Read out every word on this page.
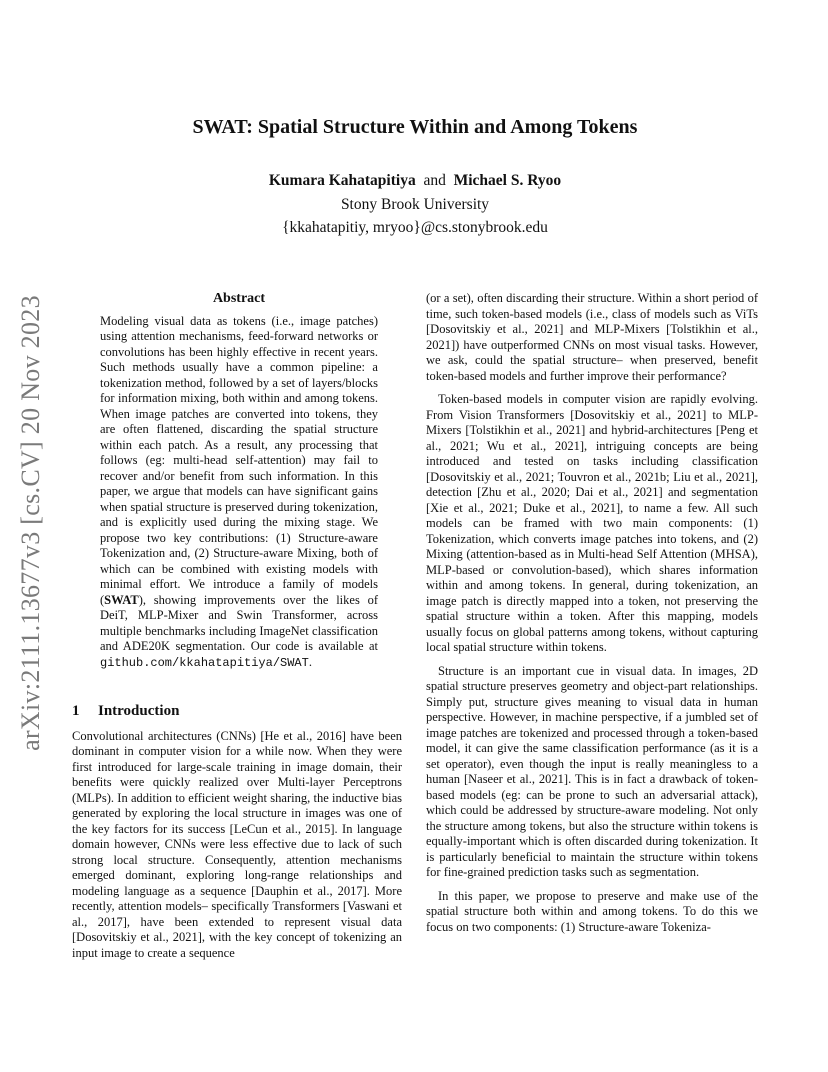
arXiv:2111.13677v3 [cs.CV] 20 Nov 2023
SWAT: Spatial Structure Within and Among Tokens
Kumara Kahatapitiya and Michael S. Ryoo
Stony Brook University
{kkahatapitiy, mryoo}@cs.stonybrook.edu
Abstract

Modeling visual data as tokens (i.e., image patches) using attention mechanisms, feed-forward networks or convolutions has been highly effective in recent years. Such methods usually have a common pipeline: a tokenization method, followed by a set of layers/blocks for information mixing, both within and among tokens. When image patches are converted into tokens, they are often flattened, discarding the spatial structure within each patch. As a result, any processing that follows (eg: multi-head self-attention) may fail to recover and/or benefit from such information. In this paper, we argue that models can have significant gains when spatial structure is preserved during tokenization, and is explicitly used during the mixing stage. We propose two key contributions: (1) Structure-aware Tokenization and, (2) Structure-aware Mixing, both of which can be combined with existing models with minimal effort. We introduce a family of models (SWAT), showing improvements over the likes of DeiT, MLP-Mixer and Swin Transformer, across multiple benchmarks including ImageNet classification and ADE20K segmentation. Our code is available at github.com/kkahatapitiya/SWAT.

1 Introduction

Convolutional architectures (CNNs) [He et al., 2016] have been dominant in computer vision for a while now. When they were first introduced for large-scale training in image domain, their benefits were quickly realized over Multi-layer Perceptrons (MLPs). In addition to efficient weight sharing, the inductive bias generated by exploring the local structure in images was one of the key factors for its success [LeCun et al., 2015]. In language domain however, CNNs were less effective due to lack of such strong local structure. Consequently, attention mechanisms emerged dominant, exploring long-range relationships and modeling language as a sequence [Dauphin et al., 2017]. More recently, attention models– specifically Transformers [Vaswani et al., 2017], have been extended to represent visual data [Dosovitskiy et al., 2021], with the key concept of tokenizing an input image to create a sequence

(or a set), often discarding their structure. Within a short period of time, such token-based models (i.e., class of models such as ViTs [Dosovitskiy et al., 2021] and MLP-Mixers [Tolstikhin et al., 2021]) have outperformed CNNs on most visual tasks. However, we ask, could the spatial structure– when preserved, benefit token-based models and further improve their performance?

Token-based models in computer vision are rapidly evolving. From Vision Transformers [Dosovitskiy et al., 2021] to MLP-Mixers [Tolstikhin et al., 2021] and hybrid-architectures [Peng et al., 2021; Wu et al., 2021], intriguing concepts are being introduced and tested on tasks including classification [Dosovitskiy et al., 2021; Touvron et al., 2021b; Liu et al., 2021], detection [Zhu et al., 2020; Dai et al., 2021] and segmentation [Xie et al., 2021; Duke et al., 2021], to name a few. All such models can be framed with two main components: (1) Tokenization, which converts image patches into tokens, and (2) Mixing (attention-based as in Multi-head Self Attention (MHSA), MLP-based or convolution-based), which shares information within and among tokens. In general, during tokenization, an image patch is directly mapped into a token, not preserving the spatial structure within a token. After this mapping, models usually focus on global patterns among tokens, without capturing local spatial structure within tokens.

Structure is an important cue in visual data. In images, 2D spatial structure preserves geometry and object-part relationships. Simply put, structure gives meaning to visual data in human perspective. However, in machine perspective, if a jumbled set of image patches are tokenized and processed through a token-based model, it can give the same classification performance (as it is a set operator), even though the input is really meaningless to a human [Naseer et al., 2021]. This is in fact a drawback of token-based models (eg: can be prone to such an adversarial attack), which could be addressed by structure-aware modeling. Not only the structure among tokens, but also the structure within tokens is equally-important which is often discarded during tokenization. It is particularly beneficial to maintain the structure within tokens for fine-grained prediction tasks such as segmentation.

In this paper, we propose to preserve and make use of the spatial structure both within and among tokens. To do this we focus on two components: (1) Structure-aware Tokeniza-
